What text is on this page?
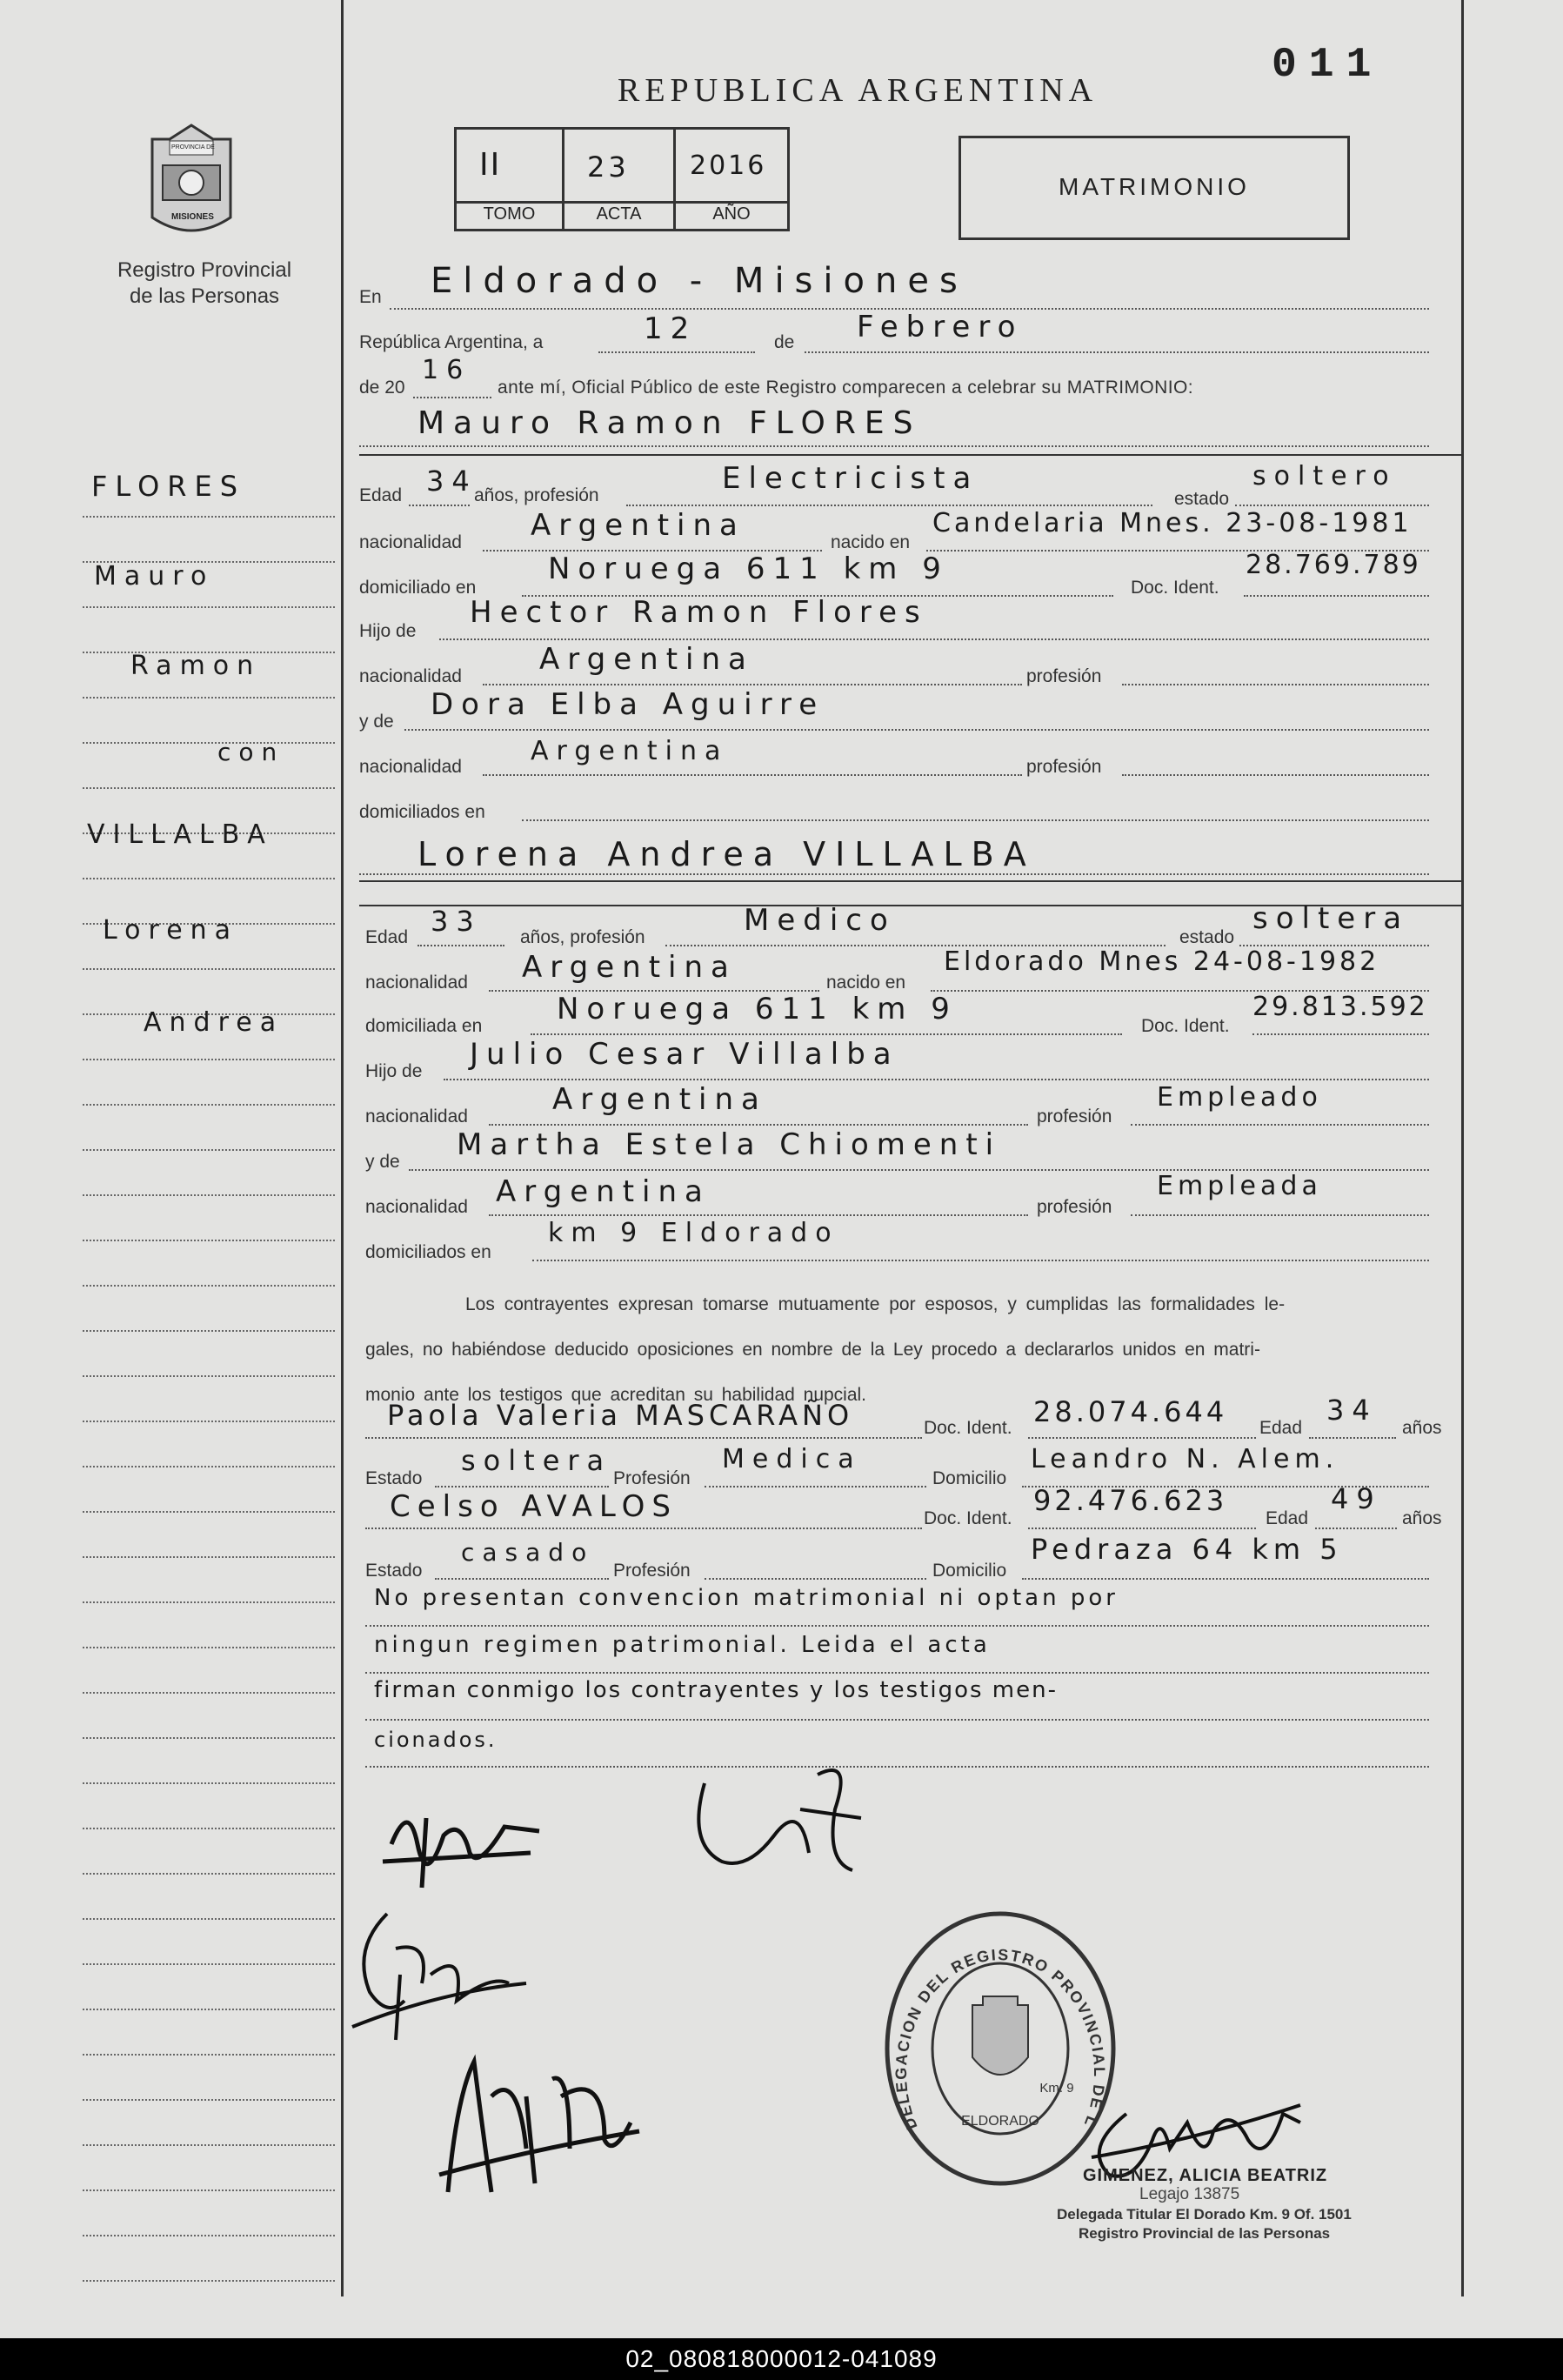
PROVINCIA DE
MISIONES
Registro Provincial
de las Personas
FLORES
Mauro
Ramon
con
VILLALBA
Lorena
Andrea
REPUBLICA ARGENTINA
011
II	23 2016
TOMO	ACTA	AÑO
MATRIMONIO
En Eldorado - Misiones
República Argentina, a	12	de Febrero
de 20
16
ante mí, Oficial Público de este Registro comparecen a celebrar su MATRIMONIO:
Mauro Ramon FLORES
Edad 34
años, profesión	Electricista
estado
soltero
nacionalidad Argentina	nacido en
Candelaria Mnes. 23-08-1981
domiciliado en
Noruega 611 km 9
Doc. Ident.
28.769.789
Hijo de
Hector Ramon Flores
nacionalidad	Argentina	profesión
y de Dora Elba Aguirre
nacionalidad
Argentina
profesión
domiciliados en
Lorena Andrea VILLALBA
Edad 33 años, profesión	Medico	estado
soltera
nacionalidad Argentina	nacido en
Eldorado Mnes 24-08-1982
domiciliada en	Noruega 611 km 9	Doc. Ident.
29.813.592
Hijo de Julio Cesar Villalba
nacionalidad	Argentina	profesión
Empleado
y de Martha Estela Chiomenti
nacionalidad Argentina	profesión
Empleada
domiciliados en
km 9 Eldorado
Los contrayentes expresan tomarse mutuamente por esposos, y cumplidas las formalidades le-
gales, no habiéndose deducido oposiciones en nombre de la Ley procedo a declararlos unidos en matri-
monio ante los testigos que acreditan su habilidad nupcial.
Paola Valeria MASCARAÑO	Doc. Ident. 28.074.644 Edad
34
años
Estado
soltera
Profesión
Medica
Domicilio
Leandro N. Alem.
Celso AVALOS	Doc. Ident.
92.476.623
Edad
49
años
Estado
casado
Profesión	Domicilio
Pedraza 64 km 5
No presentan convencion matrimonial ni optan por
ningun regimen patrimonial. Leida el acta
firman conmigo los contrayentes y los testigos men-
cionados.
DELEGACION DEL REGISTRO PROVINCIAL DE LAS PERSONAS
ELDORADO
Km. 9
GIMENEZ, ALICIA BEATRIZ
Legajo 13875
Delegada Titular El Dorado Km. 9 Of. 1501
Registro Provincial de las Personas
02_080818000012-041089
